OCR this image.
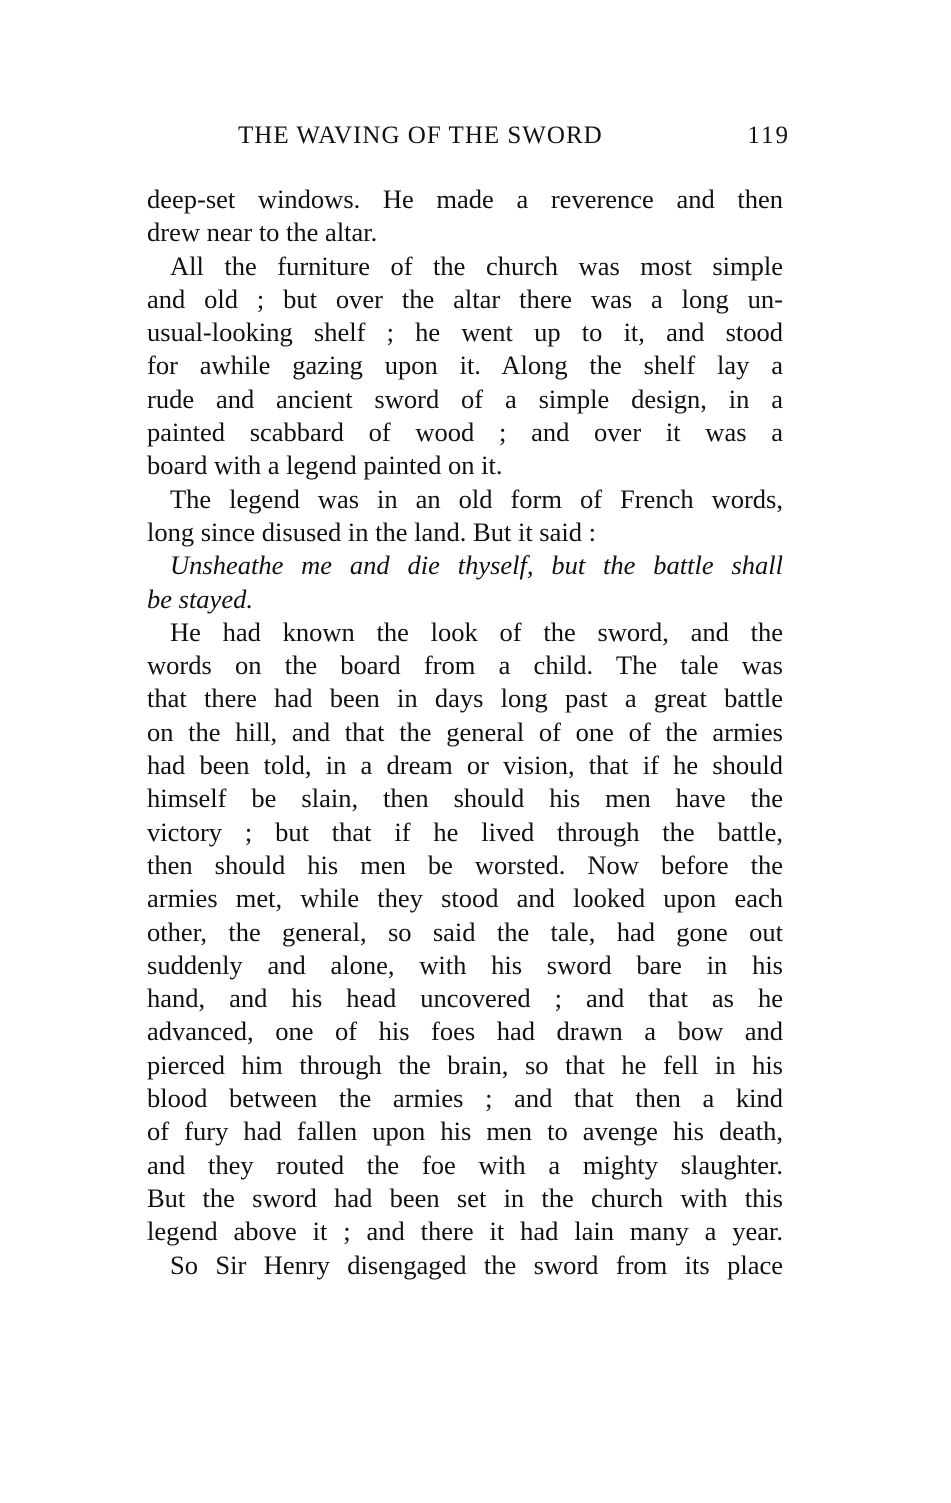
THE WAVING OF THE SWORD	119
deep-set windows. He made a reverence and then
drew near to the altar.
All the furniture of the church was most simple
and old ; but over the altar there was a long un-
usual-looking shelf ; he went up to it, and stood
for awhile gazing upon it. Along the shelf lay a
rude and ancient sword of a simple design, in a
painted scabbard of wood ; and over it was a
board with a legend painted on it.
The legend was in an old form of French words,
long since disused in the land. But it said :
Unsheathe me and die thyself, but the battle shall
be stayed.
He had known the look of the sword, and the
words on the board from a child. The tale was
that there had been in days long past a great battle
on the hill, and that the general of one of the armies
had been told, in a dream or vision, that if he should
himself be slain, then should his men have the
victory ; but that if he lived through the battle,
then should his men be worsted. Now before the
armies met, while they stood and looked upon each
other, the general, so said the tale, had gone out
suddenly and alone, with his sword bare in his
hand, and his head uncovered ; and that as he
advanced, one of his foes had drawn a bow and
pierced him through the brain, so that he fell in his
blood between the armies ; and that then a kind
of fury had fallen upon his men to avenge his death,
and they routed the foe with a mighty slaughter.
But the sword had been set in the church with this
legend above it ; and there it had lain many a year.
So Sir Henry disengaged the sword from its place
